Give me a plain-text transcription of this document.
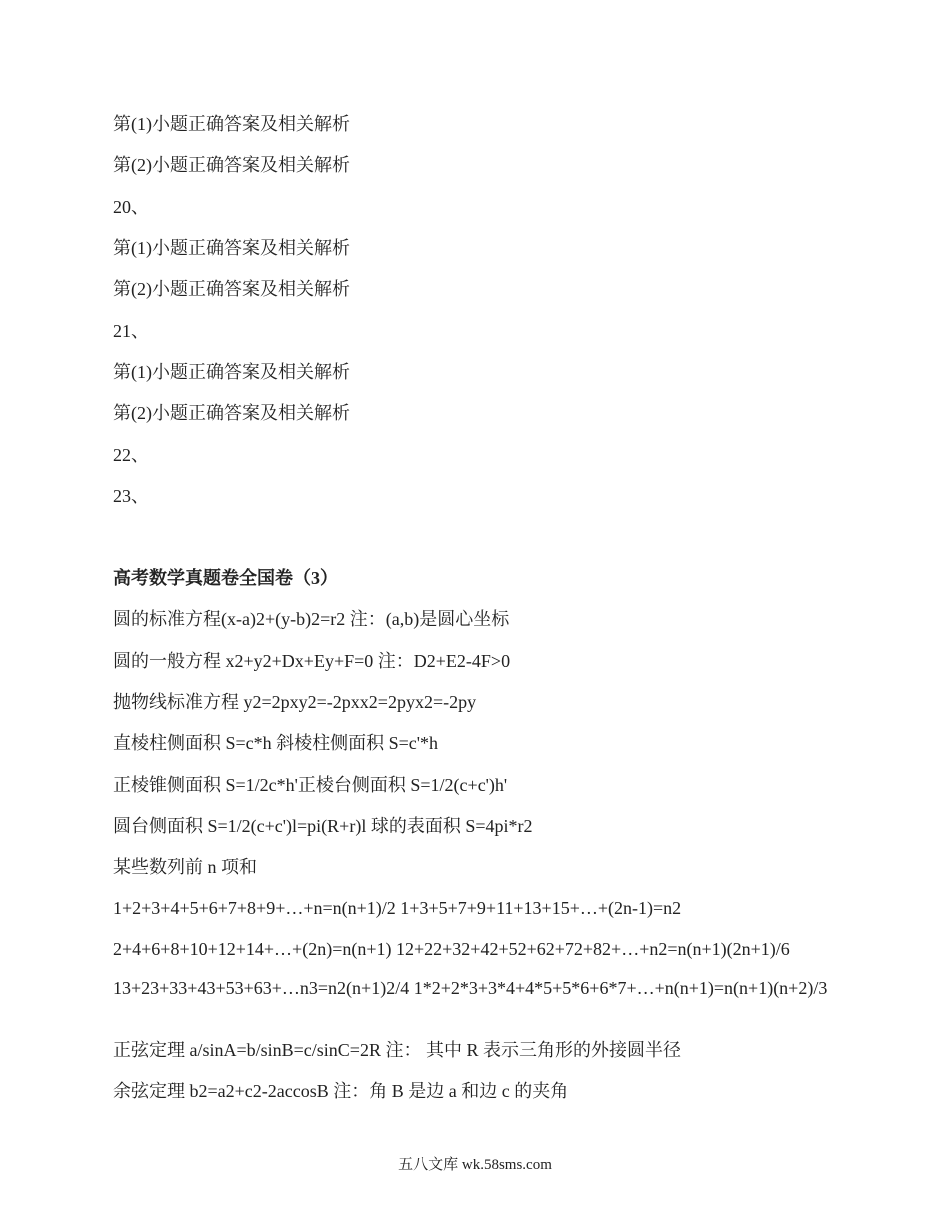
第(1)小题正确答案及相关解析
第(2)小题正确答案及相关解析
20、
第(1)小题正确答案及相关解析
第(2)小题正确答案及相关解析
21、
第(1)小题正确答案及相关解析
第(2)小题正确答案及相关解析
22、
23、
高考数学真题卷全国卷（3）
圆的标准方程(x-a)2+(y-b)2=r2 注：(a,b)是圆心坐标
圆的一般方程 x2+y2+Dx+Ey+F=0 注：D2+E2-4F>0
抛物线标准方程 y2=2pxy2=-2pxx2=2pyx2=-2py
直棱柱侧面积 S=c*h 斜棱柱侧面积 S=c'*h
正棱锥侧面积 S=1/2c*h'正棱台侧面积 S=1/2(c+c')h'
圆台侧面积 S=1/2(c+c')l=pi(R+r)l 球的表面积 S=4pi*r2
某些数列前 n 项和
1+2+3+4+5+6+7+8+9+…+n=n(n+1)/2 1+3+5+7+9+11+13+15+…+(2n-1)=n2
2+4+6+8+10+12+14+…+(2n)=n(n+1) 12+22+32+42+52+62+72+82+…+n2=n(n+1)(2n+1)/6
13+23+33+43+53+63+…n3=n2(n+1)2/4 1*2+2*3+3*4+4*5+5*6+6*7+…+n(n+1)=n(n+1)(n+2)/3
正弦定理 a/sinA=b/sinB=c/sinC=2R 注： 其中 R 表示三角形的外接圆半径
余弦定理 b2=a2+c2-2accosB 注：角 B 是边 a 和边 c 的夹角
五八文库 wk.58sms.com
